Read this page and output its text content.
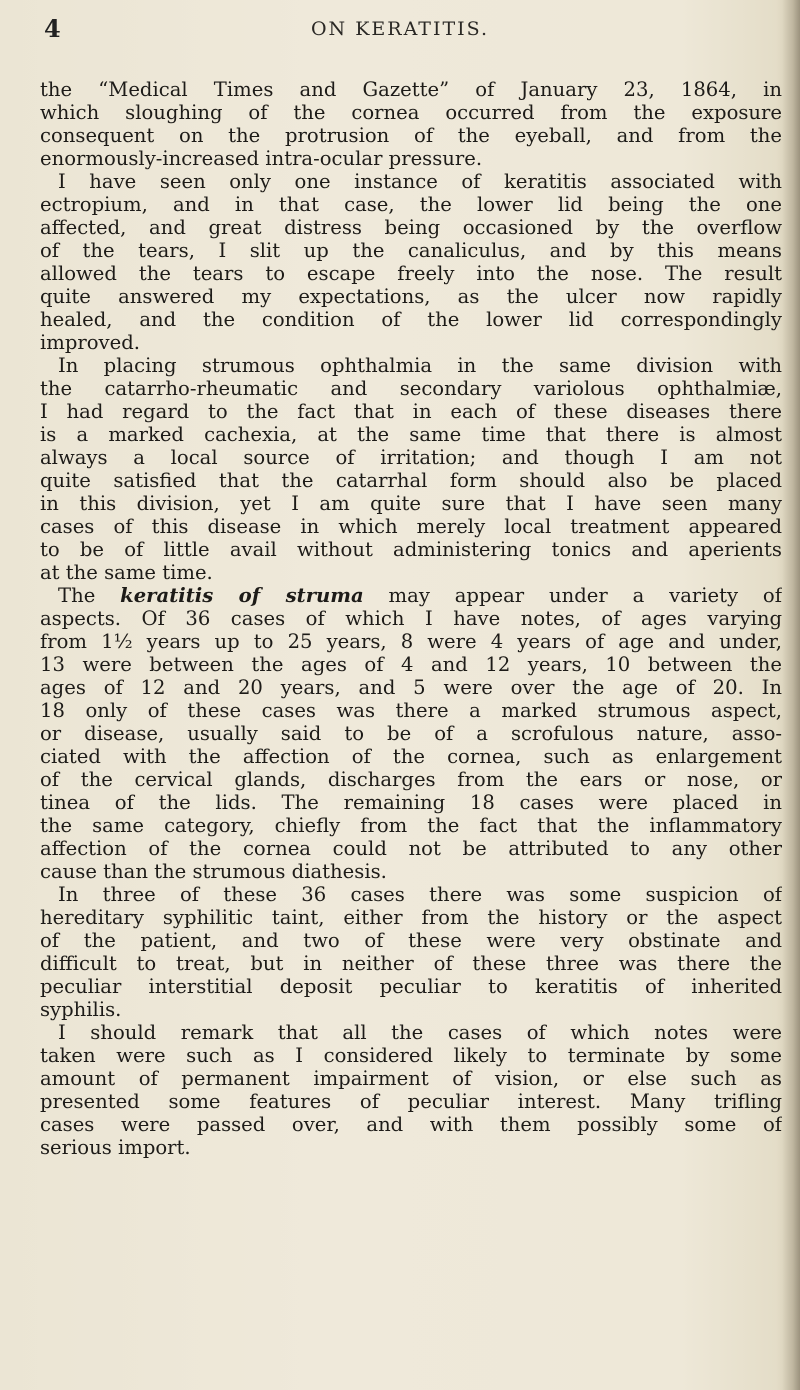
4	ON KERATITIS.
the “Medical Times and Gazette” of January 23, 1864, in
which sloughing of the cornea occurred from the exposure
consequent on the protrusion of the eyeball, and from the
enormously-increased intra-ocular pressure.
I have seen only one instance of keratitis associated with
ectropium, and in that case, the lower lid being the one
affected, and great distress being occasioned by the overflow
of the tears, I slit up the canaliculus, and by this means
allowed the tears to escape freely into the nose. The result
quite answered my expectations, as the ulcer now rapidly
healed, and the condition of the lower lid correspondingly
improved.
In placing strumous ophthalmia in the same division with
the catarrho-rheumatic and secondary variolous ophthalmiæ,
I had regard to the fact that in each of these diseases there
is a marked cachexia, at the same time that there is almost
always a local source of irritation; and though I am not
quite satisfied that the catarrhal form should also be placed
in this division, yet I am quite sure that I have seen many
cases of this disease in which merely local treatment appeared
to be of little avail without administering tonics and aperients
at the same time.
The keratitis of struma may appear under a variety of
aspects. Of 36 cases of which I have notes, of ages varying
from 1½ years up to 25 years, 8 were 4 years of age and under,
13 were between the ages of 4 and 12 years, 10 between the
ages of 12 and 20 years, and 5 were over the age of 20. In
18 only of these cases was there a marked strumous aspect,
or disease, usually said to be of a scrofulous nature, asso-
ciated with the affection of the cornea, such as enlargement
of the cervical glands, discharges from the ears or nose, or
tinea of the lids. The remaining 18 cases were placed in
the same category, chiefly from the fact that the inflammatory
affection of the cornea could not be attributed to any other
cause than the strumous diathesis.
In three of these 36 cases there was some suspicion of
hereditary syphilitic taint, either from the history or the aspect
of the patient, and two of these were very obstinate and
difficult to treat, but in neither of these three was there the
peculiar interstitial deposit peculiar to keratitis of inherited
syphilis.
I should remark that all the cases of which notes were
taken were such as I considered likely to terminate by some
amount of permanent impairment of vision, or else such as
presented some features of peculiar interest. Many trifling
cases were passed over, and with them possibly some of
serious import.
